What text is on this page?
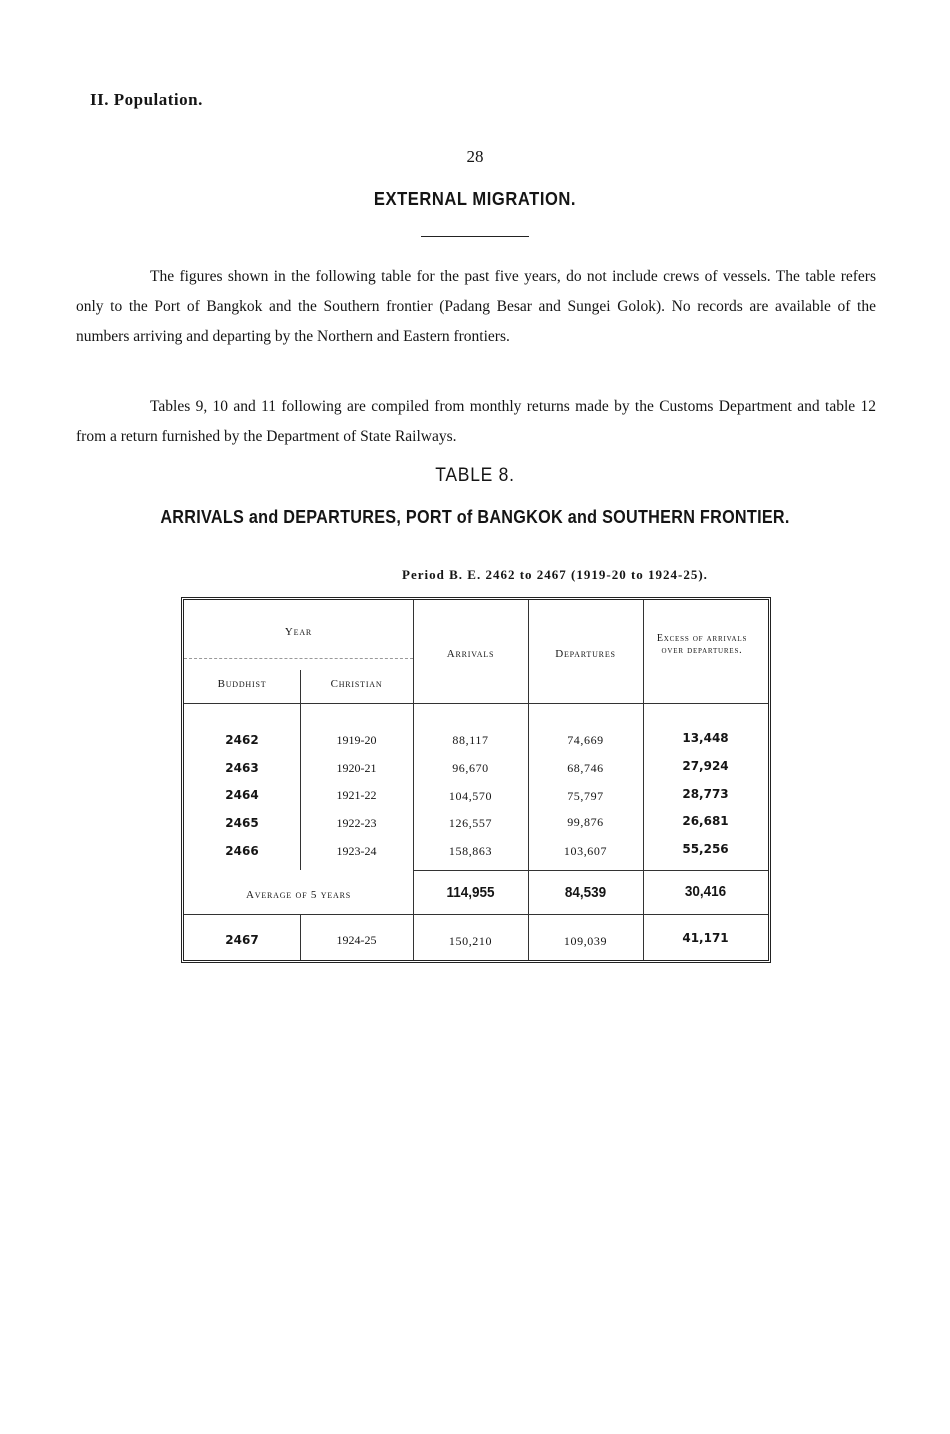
II. Population.
28
EXTERNAL MIGRATION.
The figures shown in the following table for the past five years, do not include crews of vessels. The table refers only to the Port of Bangkok and the Southern frontier (Padang Besar and Sungei Golok). No records are available of the numbers arriving and departing by the Northern and Eastern frontiers.
Tables 9, 10 and 11 following are compiled from monthly returns made by the Customs Department and table 12 from a return furnished by the Department of State Railways.
TABLE 8.
ARRIVALS and DEPARTURES, PORT of BANGKOK and SOUTHERN FRONTIER.
Period B. E. 2462 to 2467 (1919-20 to 1924-25).
Year
Buddhist	Christian
Arrivals	Departures
Excess of arrivals over departures.
2462	1919-20	88,117	74,669	13,448
2463	1920-21	96,670	68,746	27,924
2464	1921-22	104,570	75,797	28,773
2465	1922-23	126,557	99,876	26,681
2466	1923-24	158,863	103,607	55,256
Average of 5 years	114,955	84,539	30,416
2467	1924-25	150,210	109,039	41,171
